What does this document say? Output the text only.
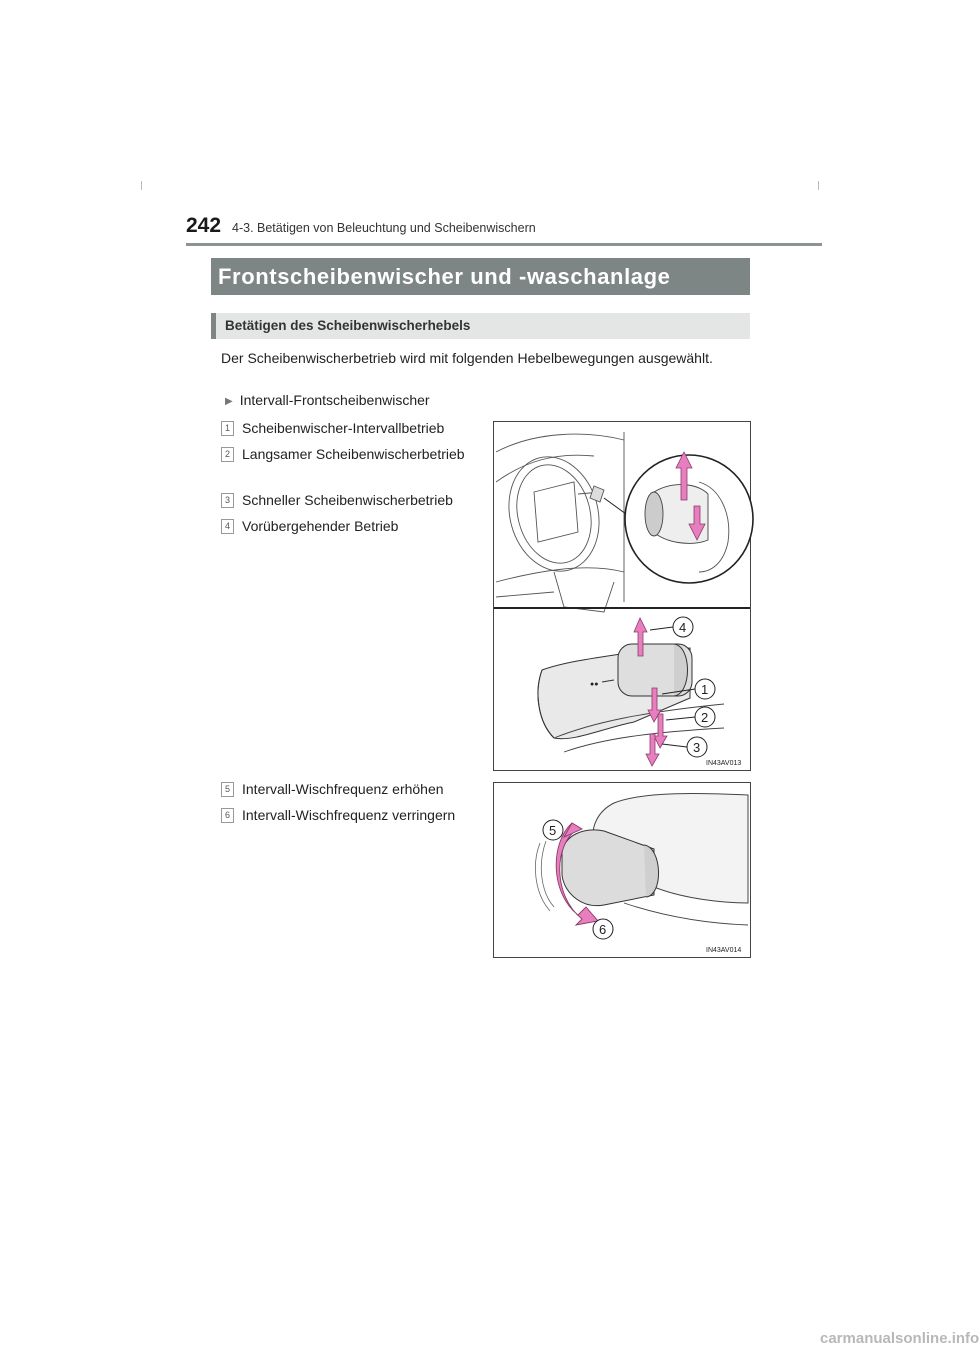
242 4-3. Betätigen von Beleuchtung und Scheibenwischern
Frontscheibenwischer und -waschanlage
Betätigen des Scheibenwischerhebels
Der Scheibenwischerbetrieb wird mit folgenden Hebelbewegungen ausgewählt.
▶ Intervall-Frontscheibenwischer
1 Scheibenwischer-Intervallbetrieb
2 Langsamer Scheibenwischerbetrieb
3 Schneller Scheibenwischerbetrieb
4 Vorübergehender Betrieb
5 Intervall-Wischfrequenz erhöhen
6 Intervall-Wischfrequenz verringern
●●
4
1
2
3
IN43AV013
5
6
IN43AV014
carmanualsonline.info
